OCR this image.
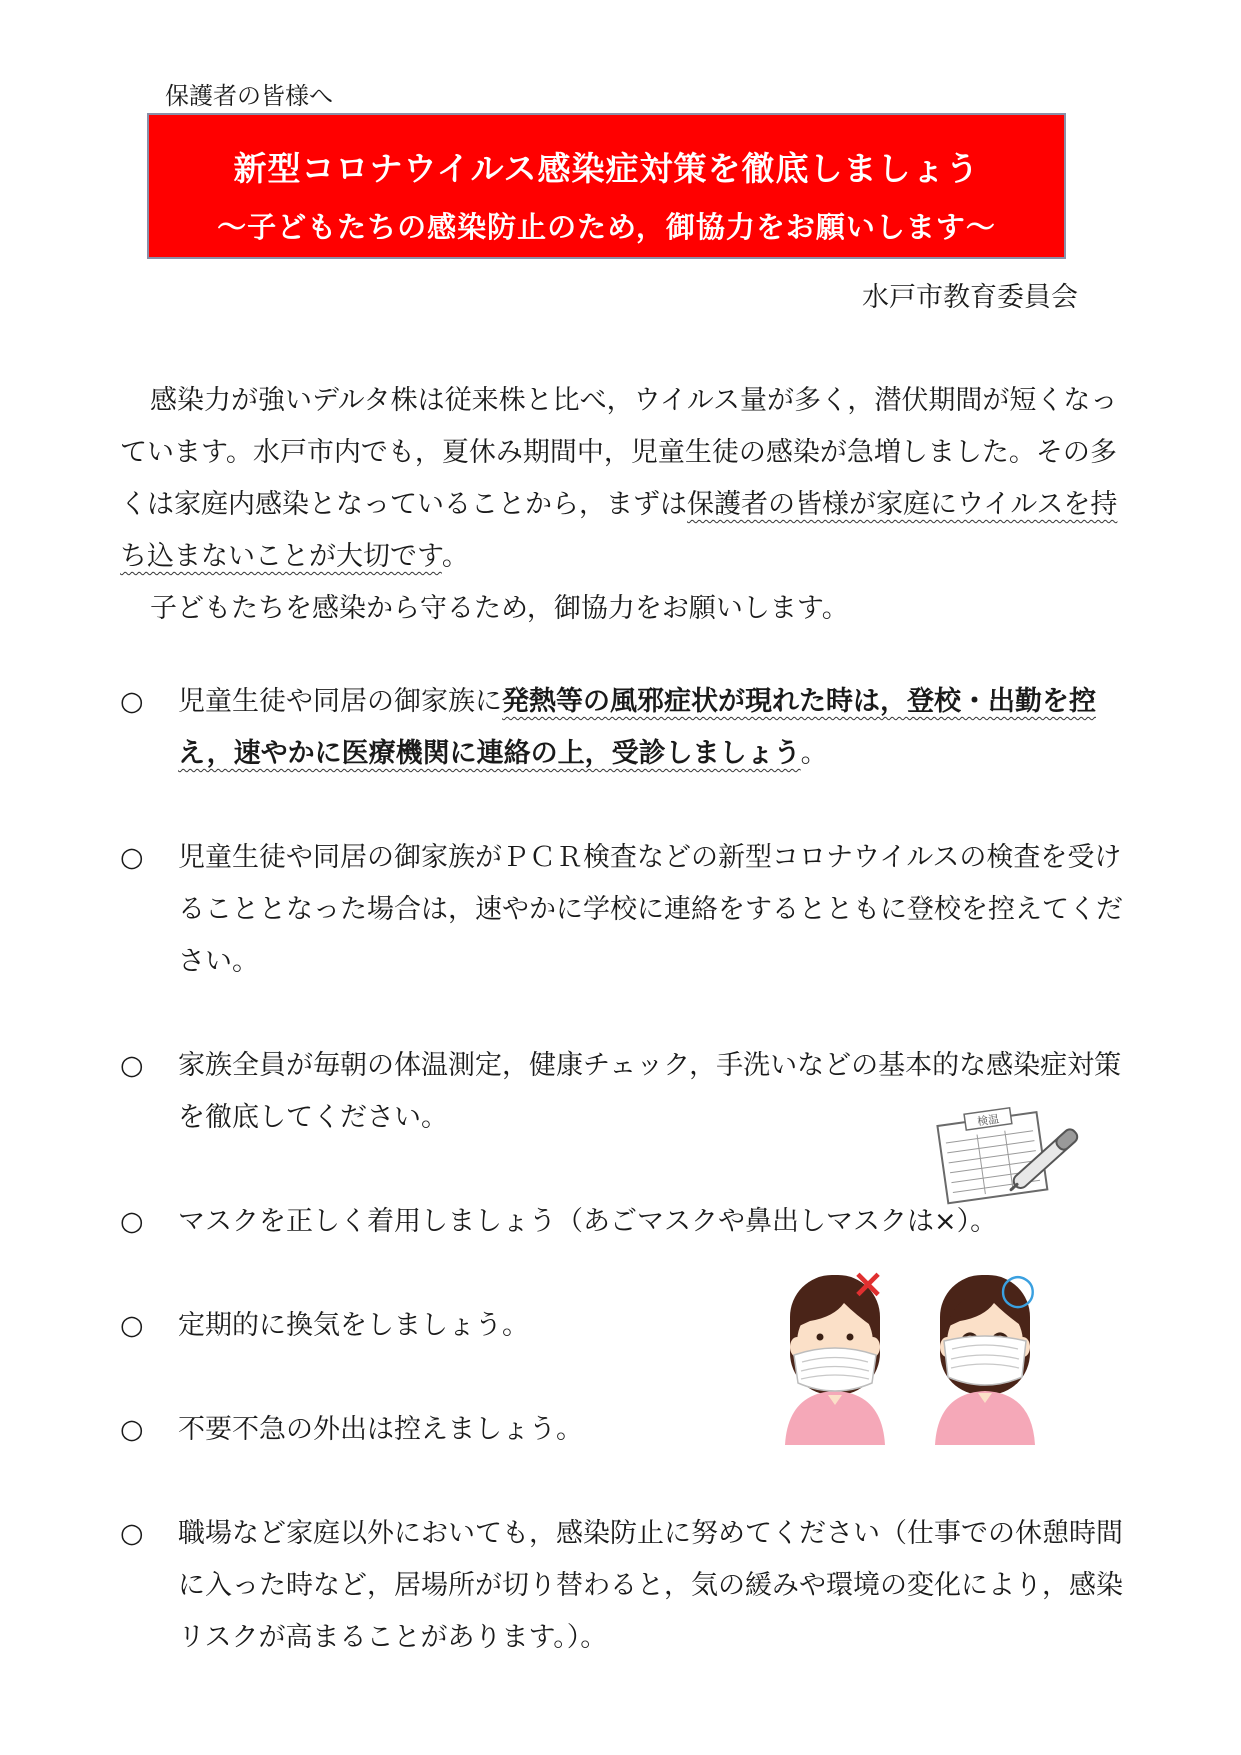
保護者の皆様へ
新型コロナウイルス感染症対策を徹底しましょう
～子どもたちの感染防止のため，御協力をお願いします～
水戸市教育委員会

感染力が強いデルタ株は従来株と比べ，ウイルス量が多く，潜伏期間が短くなっています。水戸市内でも，夏休み期間中，児童生徒の感染が急増しました。その多くは家庭内感染となっていることから，まずは保護者の皆様が家庭にウイルスを持ち込まないことが大切です。

子どもたちを感染から守るため，御協力をお願いします。

○	児童生徒や同居の御家族に発熱等の風邪症状が現れた時は，登校・出勤を控え，速やかに医療機関に連絡の上，受診しましょう。
○	児童生徒や同居の御家族がＰＣＲ検査などの新型コロナウイルスの検査を受けることとなった場合は，速やかに学校に連絡をするとともに登校を控えてください。
○	家族全員が毎朝の体温測定，健康チェック，手洗いなどの基本的な感染症対策を徹底してください。
○	マスクを正しく着用しましょう（あごマスクや鼻出しマスクは×）。
○	定期的に換気をしましょう。
○	不要不急の外出は控えましょう。
○	職場など家庭以外においても，感染防止に努めてください（仕事での休憩時間に入った時など，居場所が切り替わると，気の緩みや環境の変化により，感染リスクが高まることがあります。）。
検温
×	○
